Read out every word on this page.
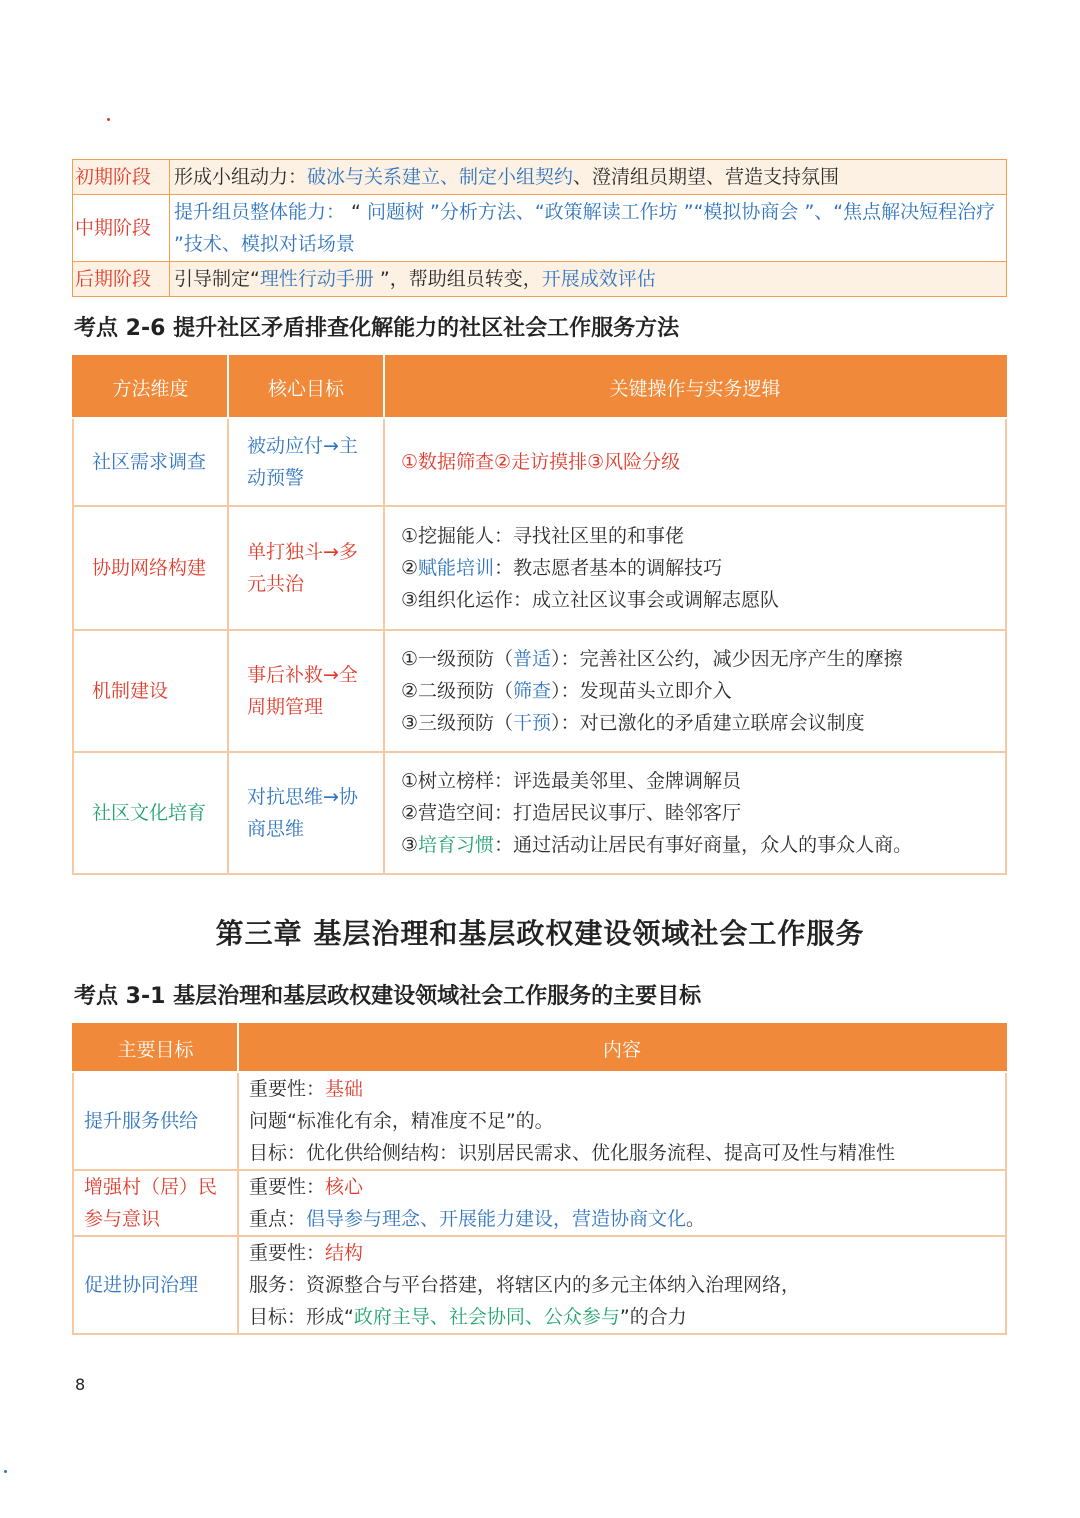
初期阶段	形成小组动力：破冰与关系建立、制定小组契约、澄清组员期望、营造支持氛围
中期阶段	提升组员整体能力： “ 问题树 ”分析方法、“政策解读工作坊 ”“模拟协商会 ”、“焦点解决短程治疗 ”技术、模拟对话场景
后期阶段	引导制定“理性行动手册 ”，帮助组员转变，开展成效评估
考点 2-6 提升社区矛盾排查化解能力的社区社会工作服务方法
方法维度	核心目标	关键操作与实务逻辑
社区需求调查	被动应付→主动预警	①数据筛查②走访摸排③风险分级

协助网络构建	单打独斗→多元共治	①挖掘能人：寻找社区里的和事佬
②赋能培训：教志愿者基本的调解技巧
③组织化运作：成立社区议事会或调解志愿队

机制建设	事后补救→全周期管理	①一级预防（普适）：完善社区公约，减少因无序产生的摩擦
②二级预防（筛查）：发现苗头立即介入
③三级预防（干预）：对已激化的矛盾建立联席会议制度

社区文化培育	对抗思维→协商思维	①树立榜样：评选最美邻里、金牌调解员
②营造空间：打造居民议事厅、睦邻客厅
③培育习惯：通过活动让居民有事好商量，众人的事众人商。
第三章 基层治理和基层政权建设领域社会工作服务
考点 3-1 基层治理和基层政权建设领域社会工作服务的主要目标
主要目标	内容
提升服务供给	重要性：基础
问题“标准化有余，精准度不足”的。
目标：优化供给侧结构：识别居民需求、优化服务流程、提高可及性与精准性

增强村（居）民参与意识	重要性：核心
重点：倡导参与理念、开展能力建设，营造协商文化。

促进协同治理	重要性：结构
服务：资源整合与平台搭建，将辖区内的多元主体纳入治理网络，
目标：形成“政府主导、社会协同、公众参与”的合力
8
